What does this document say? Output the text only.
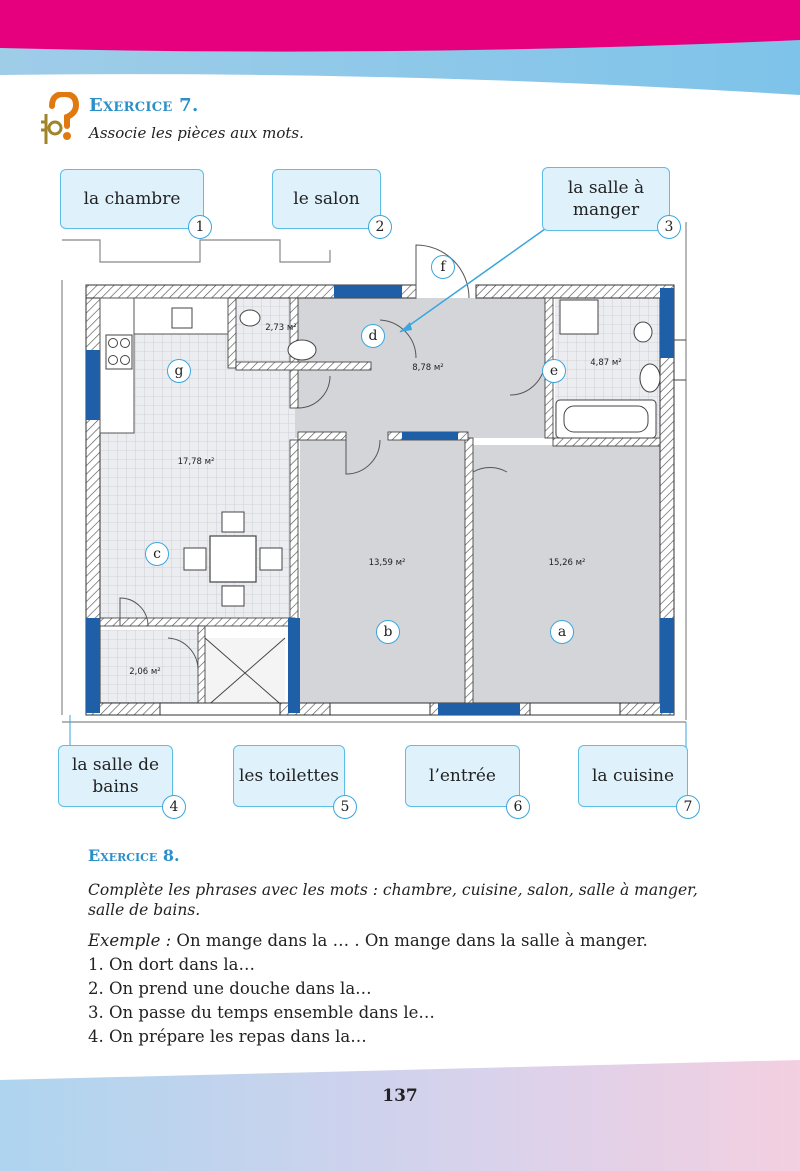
Exercice 7.
Associe les pièces aux mots.
2,73 м²
8,78 м²	4,87 м²
17,78 м²
13,59 м²	15,26 м²
2,06 м²
a
b
c
d
e
f
g
la chambre
1
le salon
2
la salle à manger
3
la salle de bains
4
les toilettes
5
l’entrée
6
la cuisine
7
Exercice 8.
Complète les phrases avec les mots : chambre, cuisine, salon, salle à manger, salle de bains.
Exemple : On mange dans la … . On mange dans la salle à manger.
1. On dort dans la…
2. On prend une douche dans la…
3. On passe du temps ensemble dans le…
4. On prépare les repas dans la…
137
